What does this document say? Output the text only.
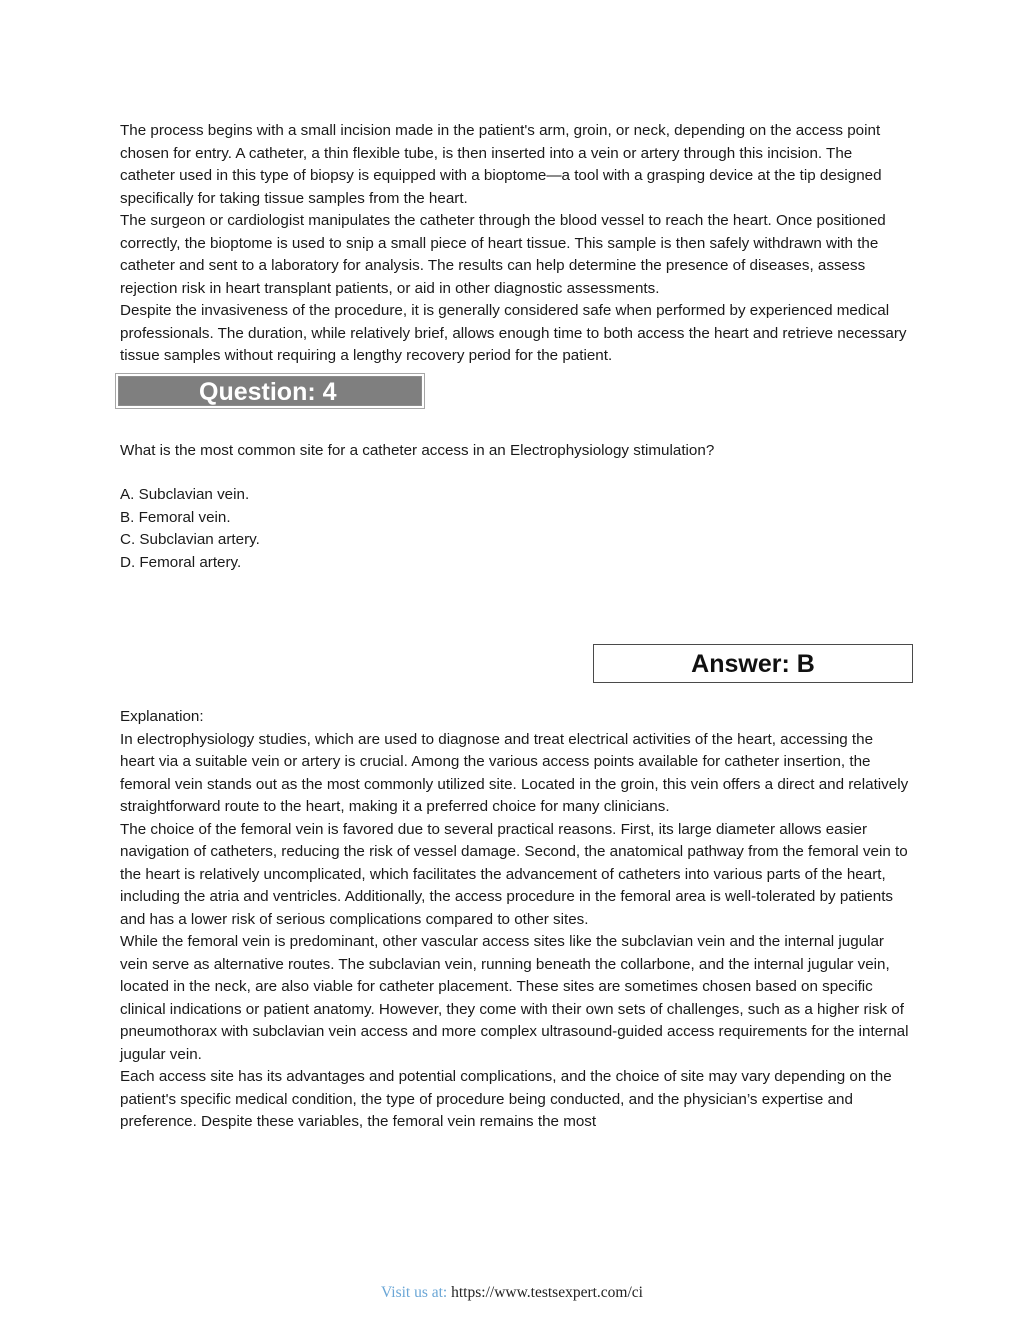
The process begins with a small incision made in the patient's arm, groin, or neck, depending on the access point chosen for entry. A catheter, a thin flexible tube, is then inserted into a vein or artery through this incision. The catheter used in this type of biopsy is equipped with a bioptome—a tool with a grasping device at the tip designed specifically for taking tissue samples from the heart.

The surgeon or cardiologist manipulates the catheter through the blood vessel to reach the heart. Once positioned correctly, the bioptome is used to snip a small piece of heart tissue. This sample is then safely withdrawn with the catheter and sent to a laboratory for analysis. The results can help determine the presence of diseases, assess rejection risk in heart transplant patients, or aid in other diagnostic assessments.

Despite the invasiveness of the procedure, it is generally considered safe when performed by experienced medical professionals. The duration, while relatively brief, allows enough time to both access the heart and retrieve necessary tissue samples without requiring a lengthy recovery period for the patient.

Question: 4

What is the most common site for a catheter access in an Electrophysiology stimulation?

A. Subclavian vein.
B. Femoral vein.
C. Subclavian artery.
D. Femoral artery.
Answer: B

Explanation:

In electrophysiology studies, which are used to diagnose and treat electrical activities of the heart, accessing the heart via a suitable vein or artery is crucial. Among the various access points available for catheter insertion, the femoral vein stands out as the most commonly utilized site. Located in the groin, this vein offers a direct and relatively straightforward route to the heart, making it a preferred choice for many clinicians.

The choice of the femoral vein is favored due to several practical reasons. First, its large diameter allows easier navigation of catheters, reducing the risk of vessel damage. Second, the anatomical pathway from the femoral vein to the heart is relatively uncomplicated, which facilitates the advancement of catheters into various parts of the heart, including the atria and ventricles. Additionally, the access procedure in the femoral area is well-tolerated by patients and has a lower risk of serious complications compared to other sites.

While the femoral vein is predominant, other vascular access sites like the subclavian vein and the internal jugular vein serve as alternative routes. The subclavian vein, running beneath the collarbone, and the internal jugular vein, located in the neck, are also viable for catheter placement. These sites are sometimes chosen based on specific clinical indications or patient anatomy. However, they come with their own sets of challenges, such as a higher risk of pneumothorax with subclavian vein access and more complex ultrasound-guided access requirements for the internal jugular vein.

Each access site has its advantages and potential complications, and the choice of site may vary depending on the patient's specific medical condition, the type of procedure being conducted, and the physician’s expertise and preference. Despite these variables, the femoral vein remains the most

Visit us at: https://www.testsexpert.com/ci
